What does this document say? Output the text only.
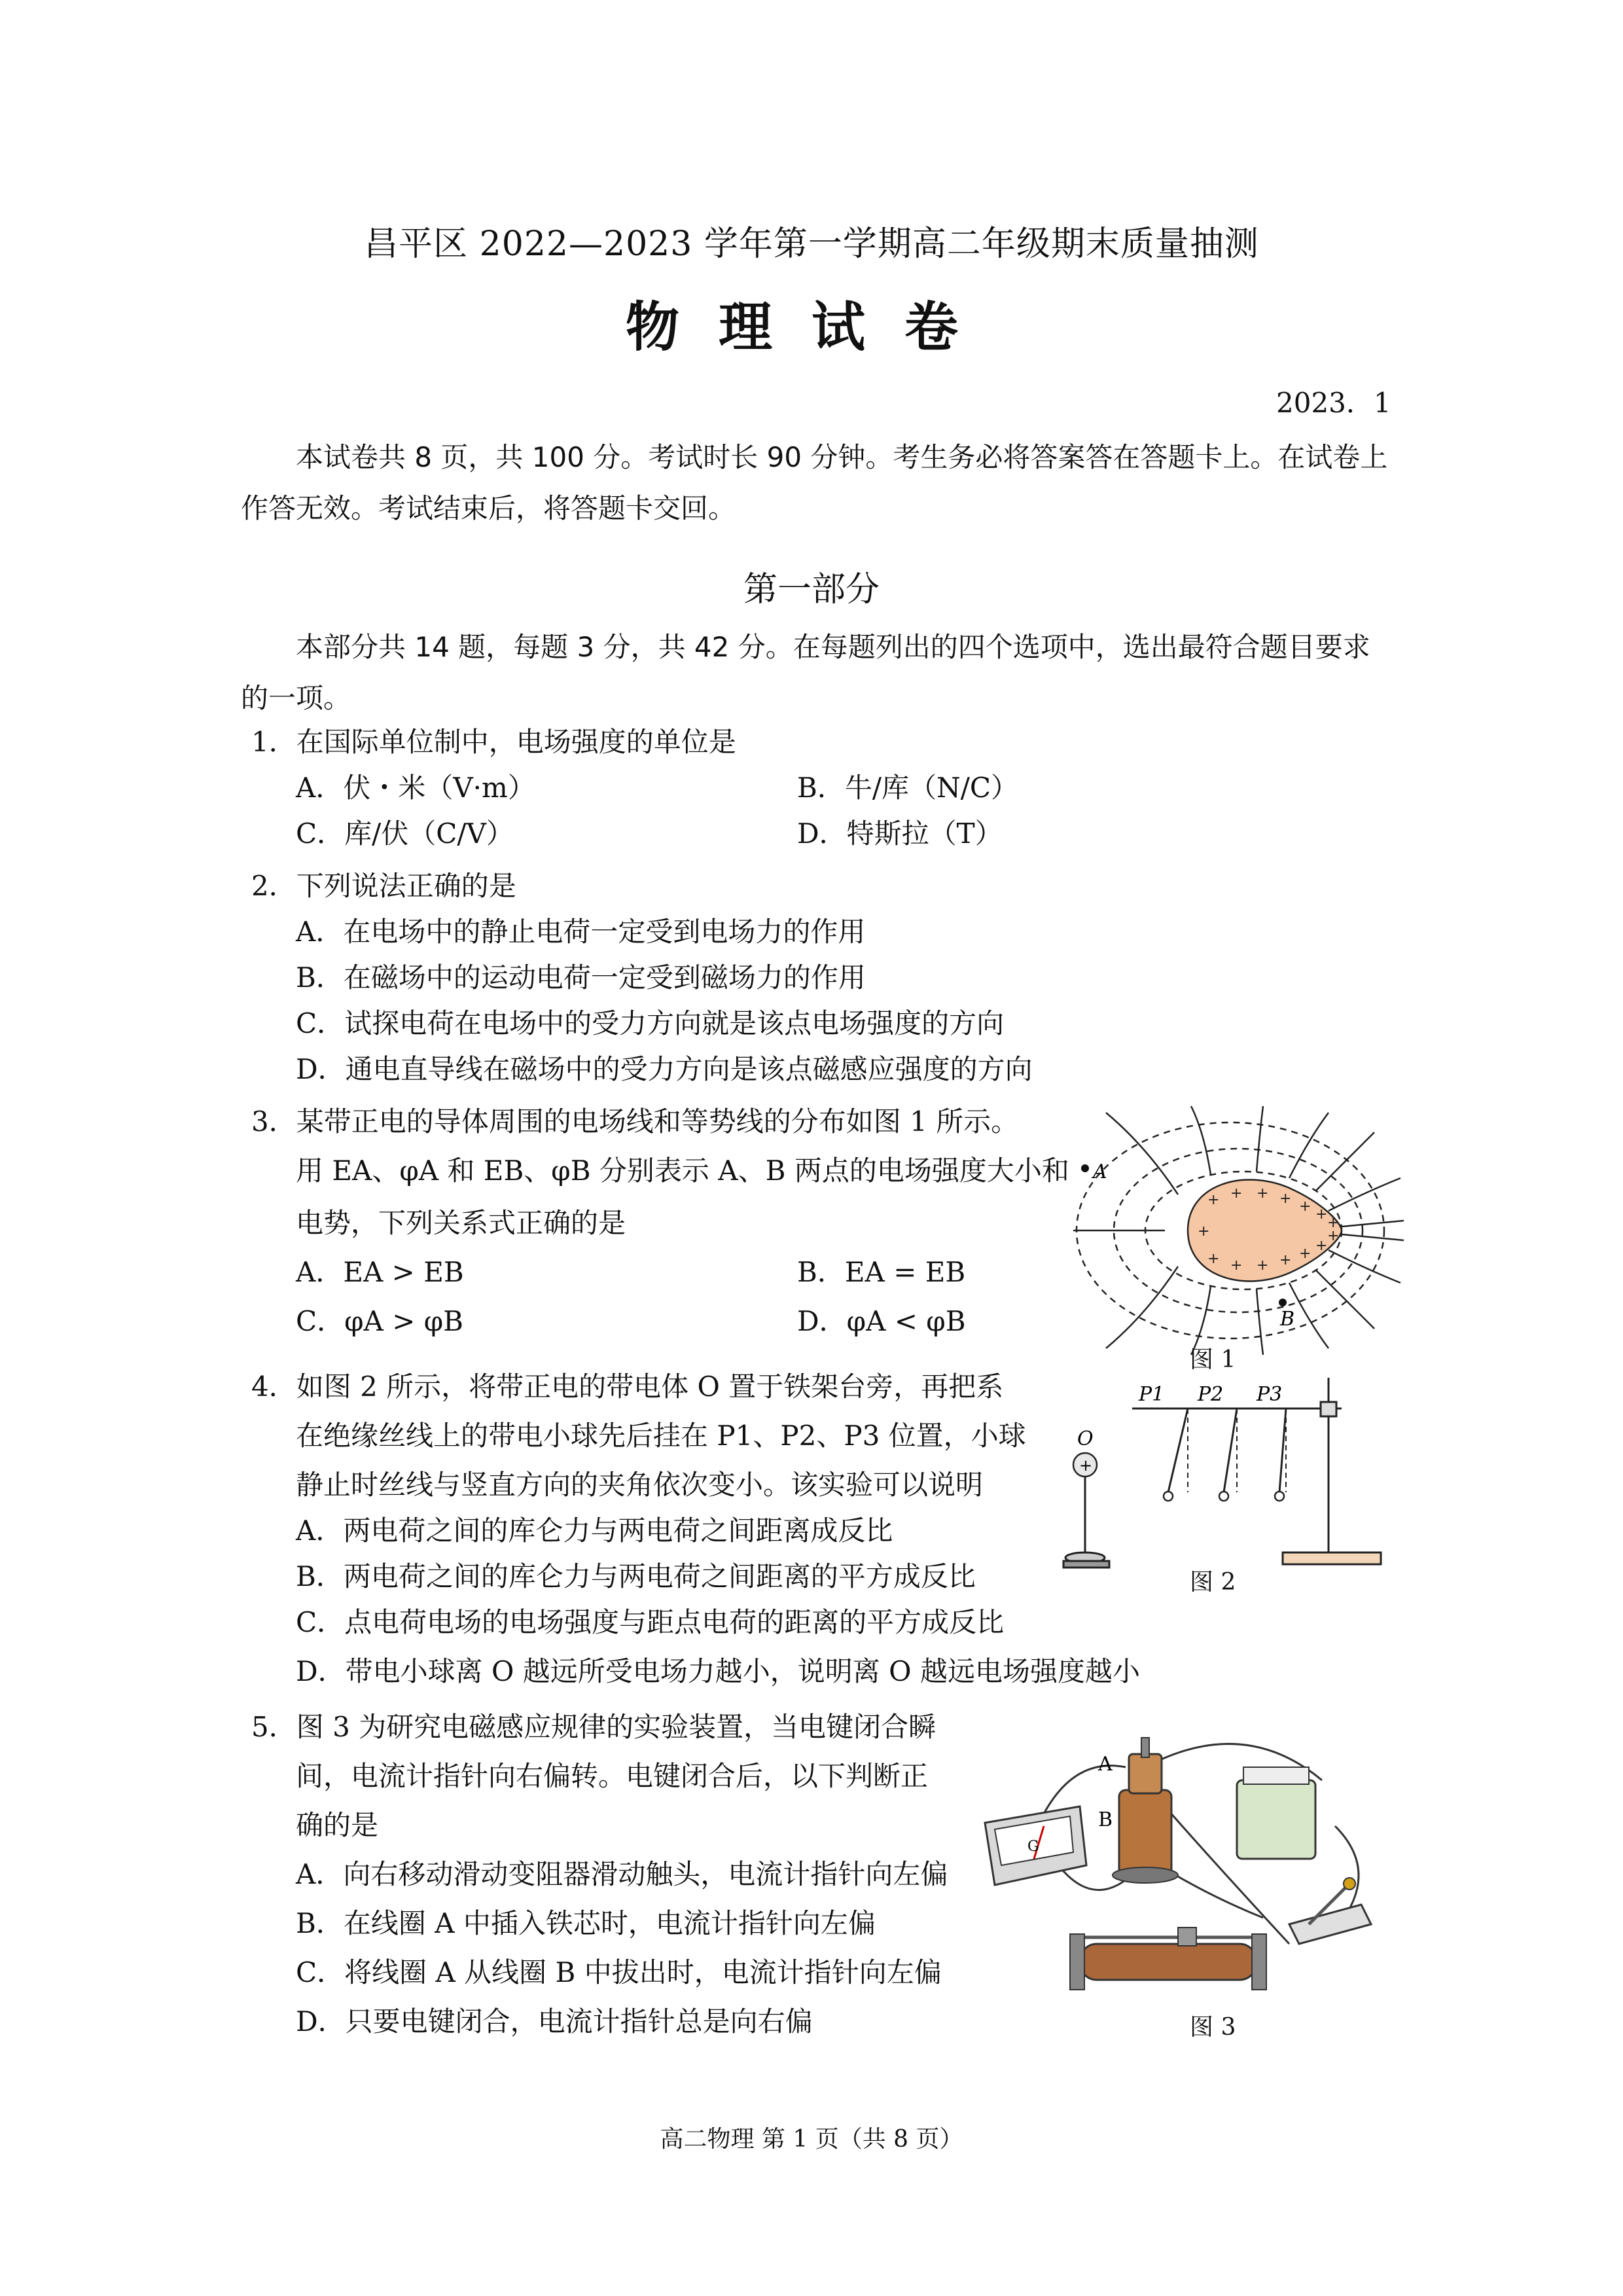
昌平区 2022—2023 学年第一学期高二年级期末质量抽测
物理试卷
2023．1
本试卷共 8 页，共 100 分。考试时长 90 分钟。考生务必将答案答在答题卡上。在试卷上作答无效。考试结束后，将答题卡交回。
第一部分
本部分共 14 题，每题 3 分，共 42 分。在每题列出的四个选项中，选出最符合题目要求的一项。
1．在国际单位制中，电场强度的单位是
A．伏・米（V·m）	B．牛/库（N/C）
C．库/伏（C/V）	D．特斯拉（T）
2．下列说法正确的是
A．在电场中的静止电荷一定受到电场力的作用
B．在磁场中的运动电荷一定受到磁场力的作用
C．试探电荷在电场中的受力方向就是该点电场强度的方向
D．通电直导线在磁场中的受力方向是该点磁感应强度的方向
3．某带正电的导体周围的电场线和等势线的分布如图 1 所示。
用 EA、φA 和 EB、φB 分别表示 A、B 两点的电场强度大小和
电势，下列关系式正确的是
A．EA > EB	B．EA = EB
C．φA > φB	D．φA < φB
+ + + + + +
+
+
+
+
+
+
+
+
+
A
B
图 1
4．如图 2 所示，将带正电的带电体 O 置于铁架台旁，再把系
在绝缘丝线上的带电小球先后挂在 P1、P2、P3 位置，小球
静止时丝线与竖直方向的夹角依次变小。该实验可以说明
A．两电荷之间的库仑力与两电荷之间距离成反比
B．两电荷之间的库仑力与两电荷之间距离的平方成反比
C．点电荷电场的电场强度与距点电荷的距离的平方成反比
D．带电小球离 O 越远所受电场力越小，说明离 O 越远电场强度越小
+
O
P1 P2 P3
图 2
5．图 3 为研究电磁感应规律的实验装置，当电键闭合瞬
间，电流计指针向右偏转。电键闭合后，以下判断正
确的是
A．向右移动滑动变阻器滑动触头，电流计指针向左偏
B．在线圈 A 中插入铁芯时，电流计指针向左偏
C．将线圈 A 从线圈 B 中拔出时，电流计指针向左偏
D．只要电键闭合，电流计指针总是向右偏
G
A
B
图 3
高二物理 第 1 页（共 8 页）
